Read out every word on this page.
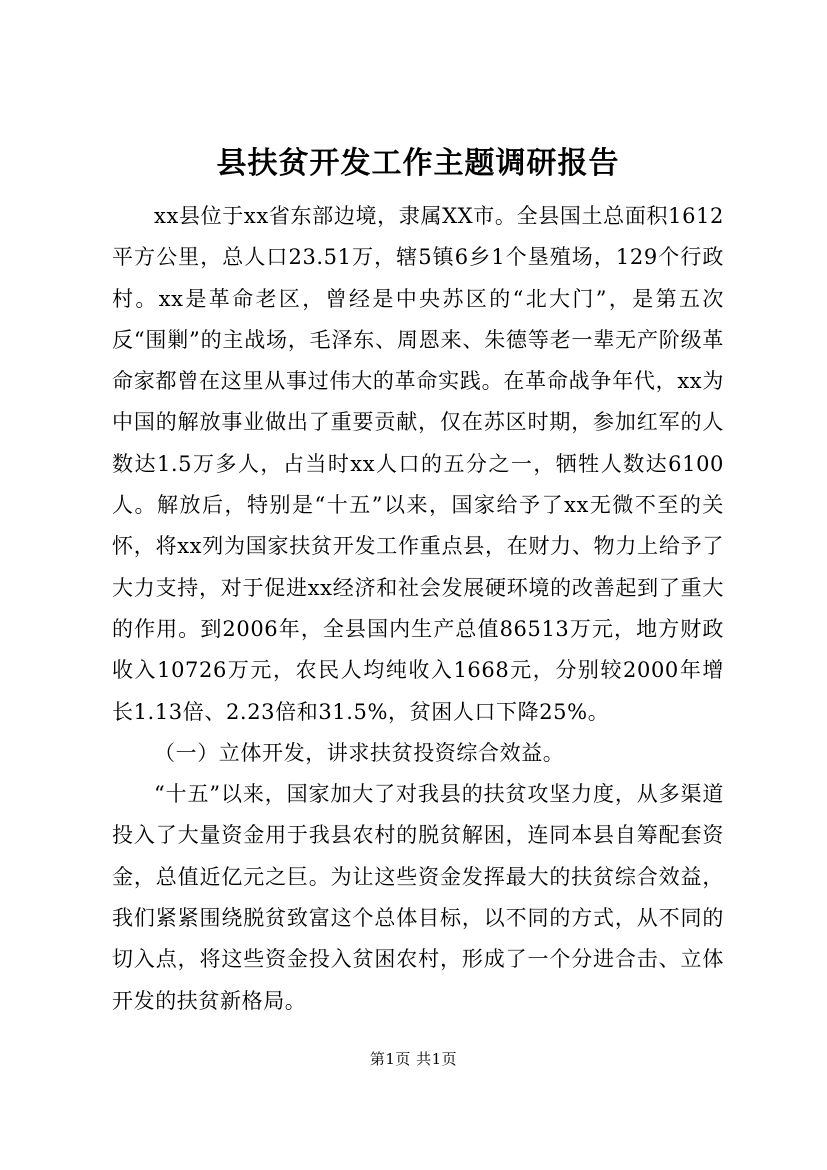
县扶贫开发工作主题调研报告

xx县位于xx省东部边境，隶属XX市。全县国土总面积1612平方公里，总人口23.51万，辖5镇6乡1个垦殖场，129个行政村。xx是革命老区，曾经是中央苏区的“北大门”，是第五次反“围剿”的主战场，毛泽东、周恩来、朱德等老一辈无产阶级革命家都曾在这里从事过伟大的革命实践。在革命战争年代，xx为中国的解放事业做出了重要贡献，仅在苏区时期，参加红军的人数达1.5万多人，占当时xx人口的五分之一，牺牲人数达6100人。解放后，特别是“十五”以来，国家给予了xx无微不至的关怀，将xx列为国家扶贫开发工作重点县，在财力、物力上给予了大力支持，对于促进xx经济和社会发展硬环境的改善起到了重大的作用。到2006年，全县国内生产总值86513万元，地方财政收入10726万元，农民人均纯收入1668元，分别较2000年增长1.13倍、2.23倍和31.5%，贫困人口下降25%。

（一）立体开发，讲求扶贫投资综合效益。

“十五”以来，国家加大了对我县的扶贫攻坚力度，从多渠道投入了大量资金用于我县农村的脱贫解困，连同本县自筹配套资金，总值近亿元之巨。为让这些资金发挥最大的扶贫综合效益，我们紧紧围绕脱贫致富这个总体目标，以不同的方式，从不同的切入点，将这些资金投入贫困农村，形成了一个分进合击、立体开发的扶贫新格局。

第1页 共1页
